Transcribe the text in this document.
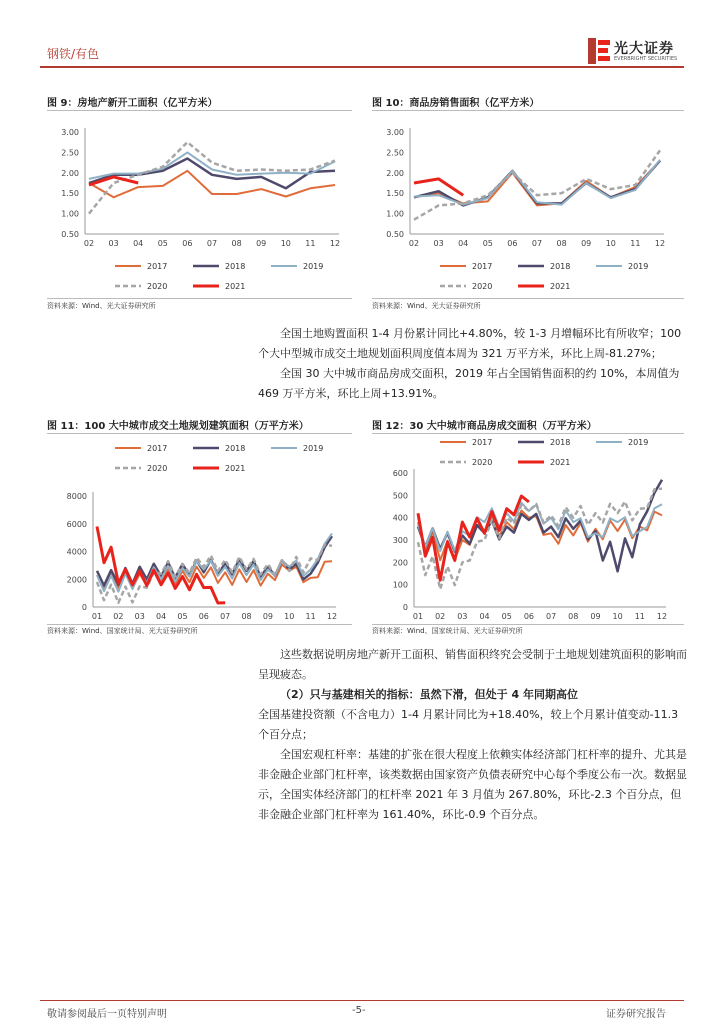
钢铁/有色	光大证券
EVERBRIGHT SECURITIES
图 9：房地产新开工面积（亿平方米）
0.50
1.00
1.50
2.00
2.50
3.00
02 03 04 05 06 07 08 09 10 11 12
2017	2018	2019
2020	2021
资料来源：Wind、光大证券研究所
图 10：商品房销售面积（亿平方米）
0.50
1.00
1.50
2.00
2.50
3.00
02 03 04 05 06 07 08 09 10 11 12
2017	2018	2019
2020	2021
资料来源：Wind、光大证券研究所

全国土地购置面积 1-4 月份累计同比+4.80%，较 1-3 月增幅环比有所收窄；100 个大中型城市成交土地规划面积周度值本周为 321 万平方米，环比上周-81.27%；

全国 30 大中城市商品房成交面积，2019 年占全国销售面积的约 10%，本周值为 469 万平方米，环比上周+13.91%。

图 11：100 大中城市成交土地规划建筑面积（万平方米）
0
2000
4000
6000
8000
01 02 03 04 05 06 07 08 09 10 11 12
2017	2018	2019
2020	2021
资料来源：Wind、国家统计局、光大证券研究所
图 12：30 大中城市商品房成交面积（万平方米）
0
100
200
300
400
500
600
01 02 03 04 05 06 07 08 09 10 11 12
2017	2018	2019
2020	2021
资料来源：Wind、国家统计局、光大证券研究所

这些数据说明房地产新开工面积、销售面积终究会受制于土地规划建筑面积的影响而呈现疲态。

（2）只与基建相关的指标：虽然下滑，但处于 4 年同期高位

全国基建投资额（不含电力）1-4 月累计同比为+18.40%，较上个月累计值变动-11.3 个百分点；

全国宏观杠杆率：基建的扩张在很大程度上依赖实体经济部门杠杆率的提升、尤其是非金融企业部门杠杆率，该类数据由国家资产负债表研究中心每个季度公布一次。数据显示，全国实体经济部门的杠杆率 2021 年 3 月值为 267.80%，环比-2.3 个百分点，但非金融企业部门杠杆率为 161.40%，环比-0.9 个百分点。

敬请参阅最后一页特别声明	-5-	证券研究报告
